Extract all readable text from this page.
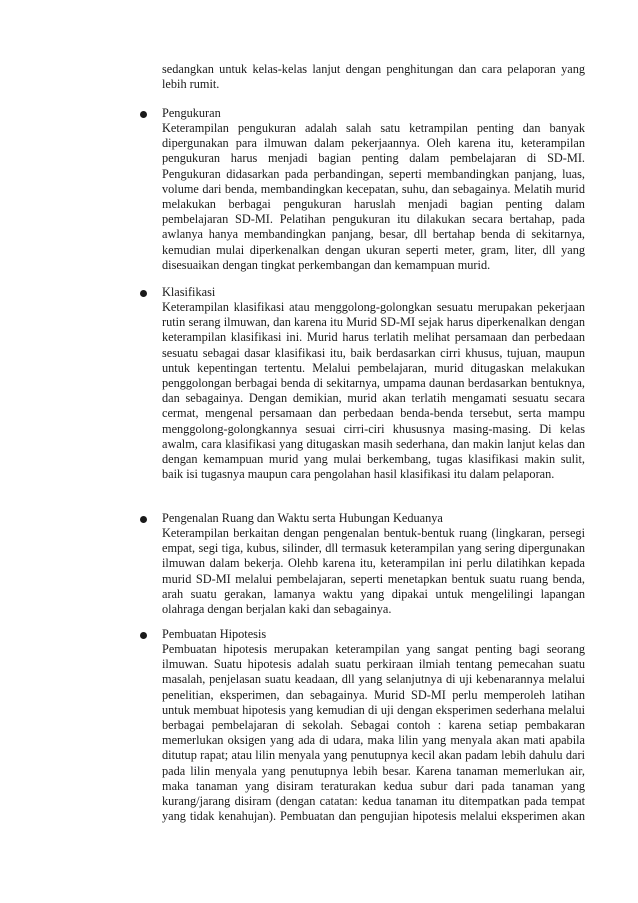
sedangkan untuk kelas-kelas lanjut dengan penghitungan dan cara pelaporan yang lebih rumit.

Pengukuran

Keterampilan pengukuran adalah salah satu ketrampilan penting dan banyak dipergunakan para ilmuwan dalam pekerjaannya. Oleh karena itu, keterampilan pengukuran harus menjadi bagian penting dalam pembelajaran di SD-MI. Pengukuran didasarkan pada perbandingan, seperti membandingkan panjang, luas, volume dari benda, membandingkan kecepatan, suhu, dan sebagainya. Melatih murid melakukan berbagai pengukuran haruslah menjadi bagian penting dalam pembelajaran SD-MI. Pelatihan pengukuran itu dilakukan secara bertahap, pada awlanya hanya membandingkan panjang, besar, dll bertahap benda di sekitarnya, kemudian mulai diperkenalkan dengan ukuran seperti meter, gram, liter, dll yang disesuaikan dengan tingkat perkembangan dan kemampuan murid.

Klasifikasi

Keterampilan klasifikasi atau menggolong-golongkan sesuatu merupakan pekerjaan rutin serang ilmuwan, dan karena itu Murid SD-MI sejak harus diperkenalkan dengan keterampilan klasifikasi ini. Murid harus terlatih melihat persamaan dan perbedaan sesuatu sebagai dasar klasifikasi itu, baik berdasarkan cirri khusus, tujuan, maupun untuk kepentingan tertentu. Melalui pembelajaran, murid ditugaskan melakukan penggolongan berbagai benda di sekitarnya, umpama daunan berdasarkan bentuknya, dan sebagainya. Dengan demikian, murid akan terlatih mengamati sesuatu secara cermat, mengenal persamaan dan perbedaan benda-benda tersebut, serta mampu menggolong-golongkannya sesuai cirri-ciri khususnya masing-masing. Di kelas awalm, cara klasifikasi yang ditugaskan masih sederhana, dan makin lanjut kelas dan dengan kemampuan murid yang mulai berkembang, tugas klasifikasi makin sulit, baik isi tugasnya maupun cara pengolahan hasil klasifikasi itu dalam pelaporan.

Pengenalan Ruang dan Waktu serta Hubungan Keduanya

Keterampilan berkaitan dengan pengenalan bentuk-bentuk ruang (lingkaran, persegi empat, segi tiga, kubus, silinder, dll termasuk keterampilan yang sering dipergunakan ilmuwan dalam bekerja. Olehb karena itu, keterampilan ini perlu dilatihkan kepada murid SD-MI melalui pembelajaran, seperti menetapkan bentuk suatu ruang benda, arah suatu gerakan, lamanya waktu yang dipakai untuk mengelilingi lapangan olahraga dengan berjalan kaki dan sebagainya.

Pembuatan Hipotesis

Pembuatan hipotesis merupakan keterampilan yang sangat penting bagi seorang ilmuwan. Suatu hipotesis adalah suatu perkiraan ilmiah tentang pemecahan suatu masalah, penjelasan suatu keadaan, dll yang selanjutnya di uji kebenarannya melalui penelitian, eksperimen, dan sebagainya. Murid SD-MI perlu memperoleh latihan untuk membuat hipotesis yang kemudian di uji dengan eksperimen sederhana melalui berbagai pembelajaran di sekolah. Sebagai contoh : karena setiap pembakaran memerlukan oksigen yang ada di udara, maka lilin yang menyala akan mati apabila ditutup rapat; atau lilin menyala yang penutupnya kecil akan padam lebih dahulu dari pada lilin menyala yang penutupnya lebih besar. Karena tanaman memerlukan air, maka tanaman yang disiram teraturakan kedua subur dari pada tanaman yang kurang/jarang disiram (dengan catatan: kedua tanaman itu ditempatkan pada tempat yang tidak kenahujan). Pembuatan dan pengujian hipotesis melalui eksperimen akan
